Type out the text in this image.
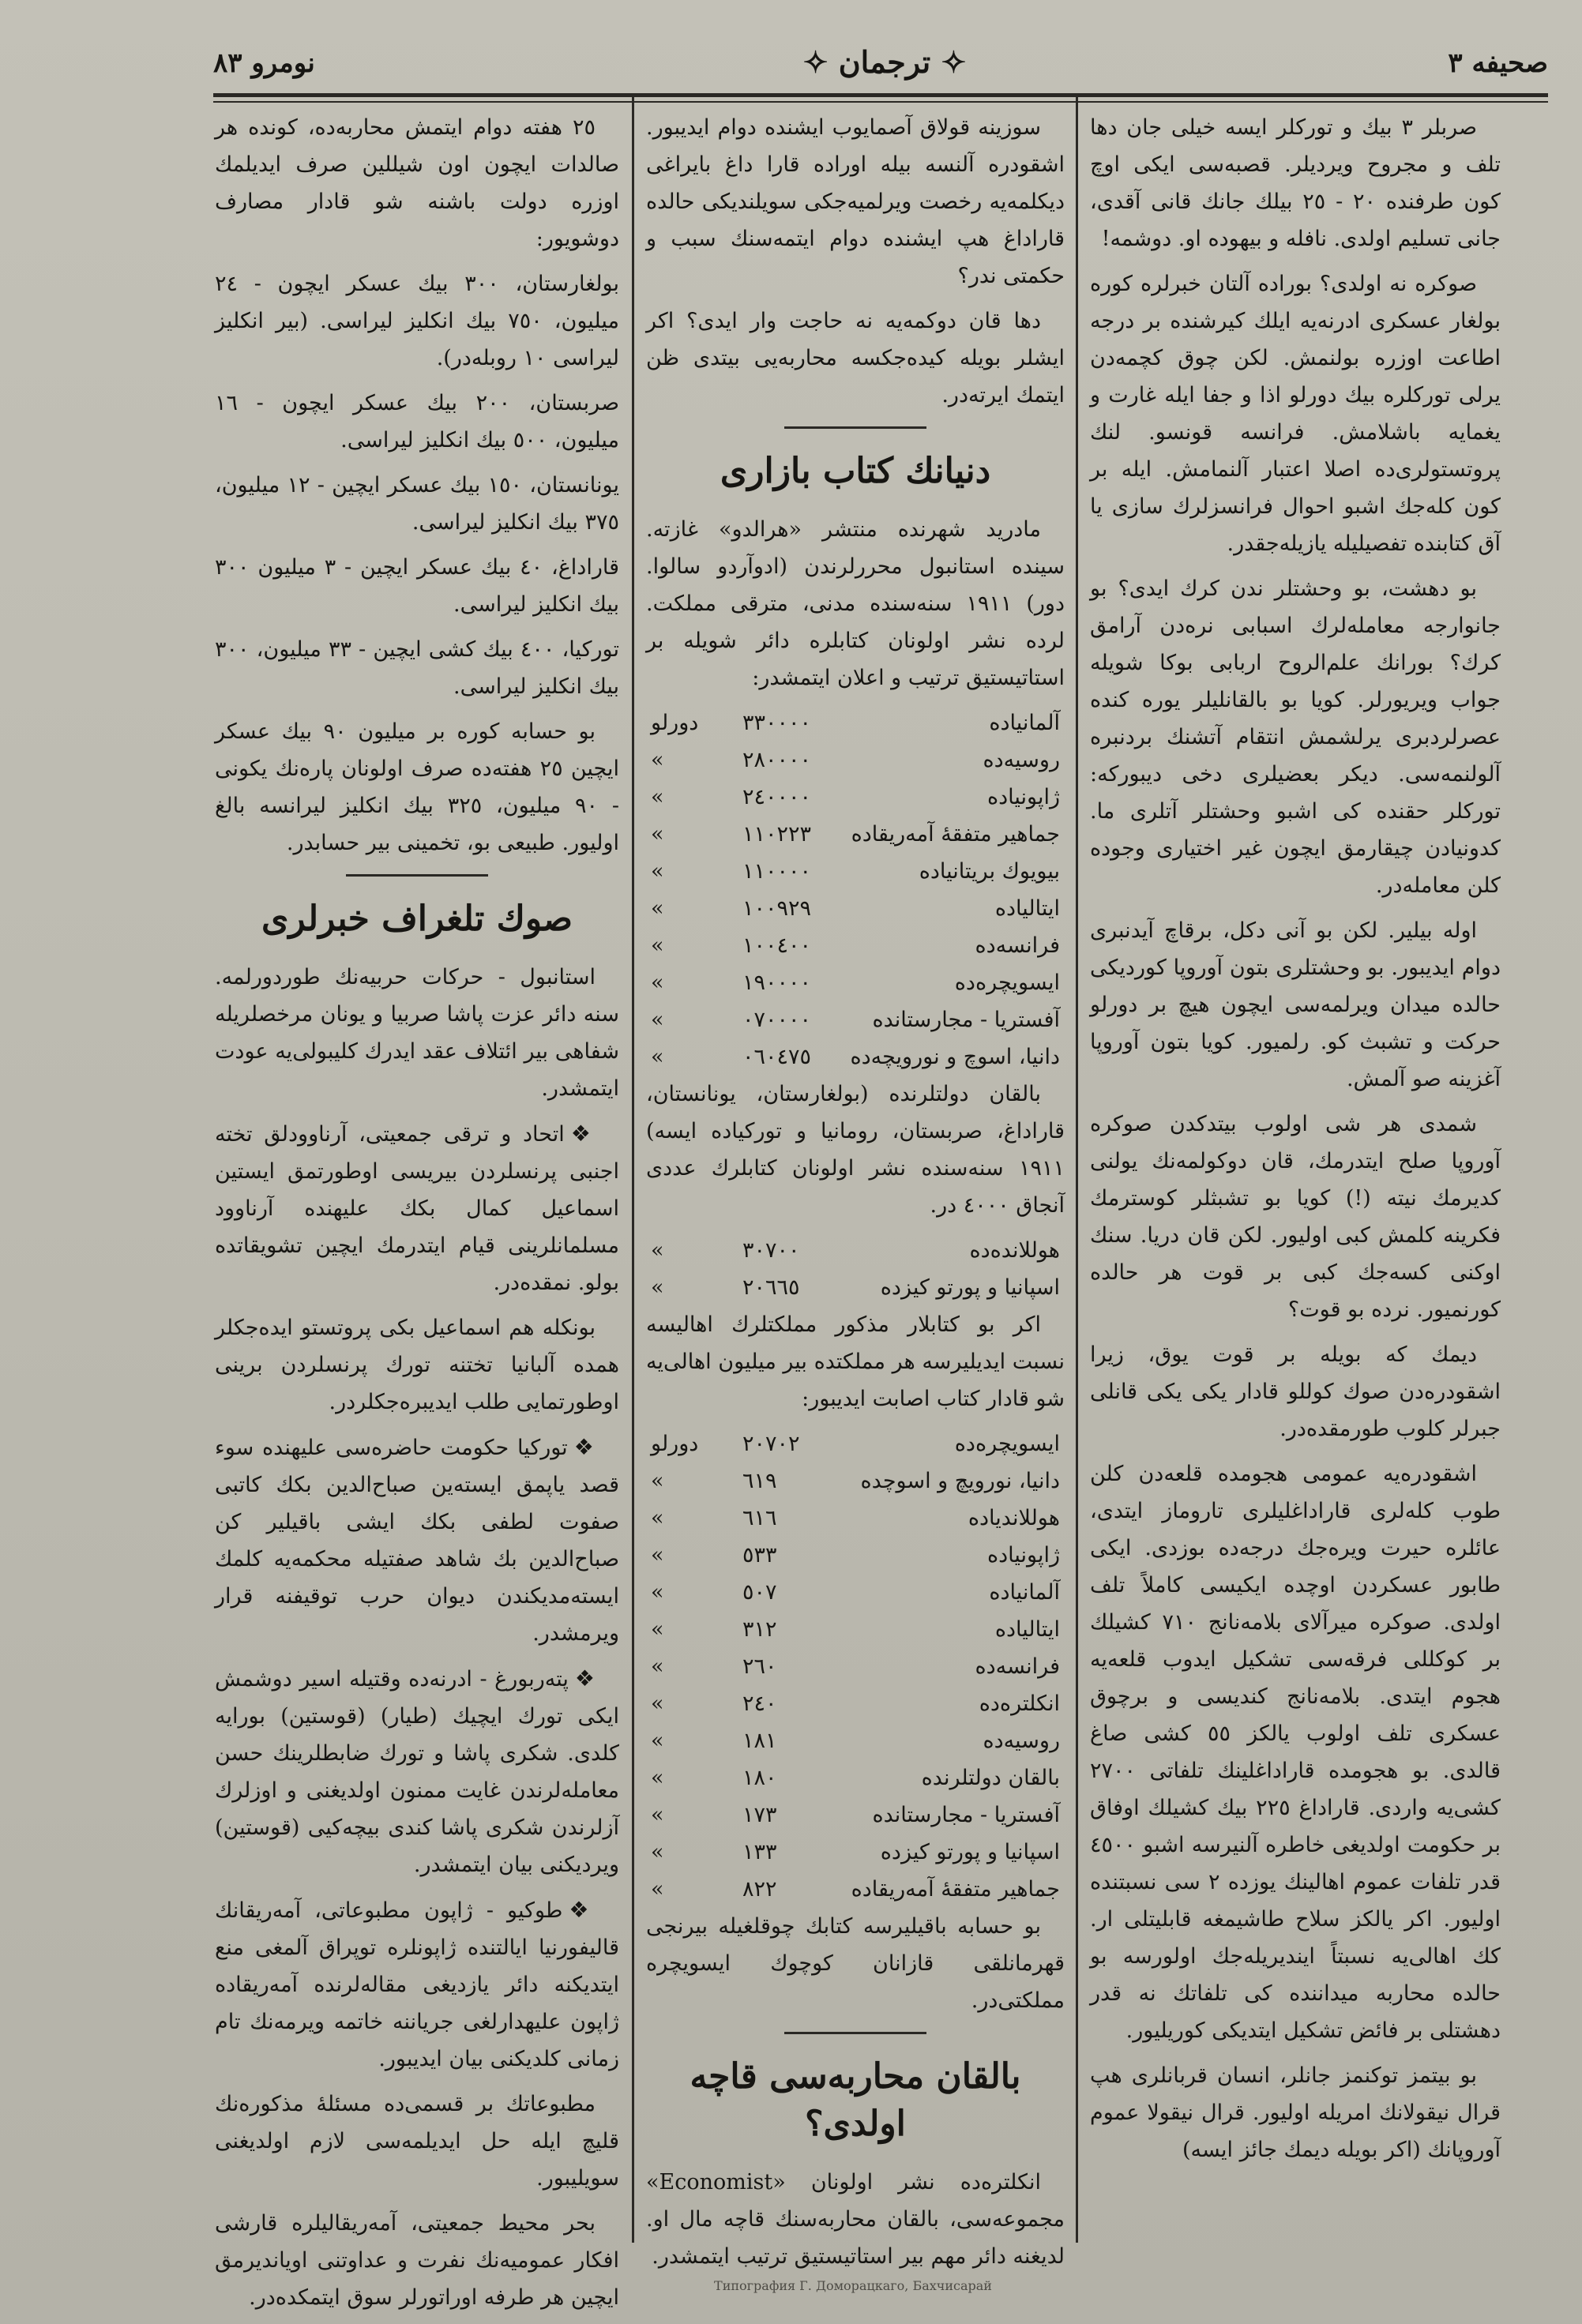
نومرو ٨٣	✧ ترجمان ✧	صحیفه ٣

صربلر ٣ بیك و تورکلر ایسه خیلی جان دها تلف و مجروح ویردیلر. قصبه‌سی ایکی اوچ کون طرفنده ٢٠ - ٢٥ بیلك جانك قانی آقدی، جانی تسلیم اولدی. نافله و بیهوده او. دوشمه!

صوکره نه اولدی؟ بوراده آلتان خبرلره کوره بولغار عسکری ادرنه‌یه ایلك کیرشنده بر درجه اطاعت اوزره بولنمش. لکن چوق کچمه‌دن یرلی تورکلره بیك دورلو اذا و جفا ایله غارت و یغمایه باشلامش. فرانسه قونسو. لنك پروتستولری‌ده اصلا اعتبار آلنمامش. ایله بر کون کله‌جك اشبو احوال فرانسزلرك سازی یا آق کتابنده تفصیلیله یازیله‌جقدر.

بو دهشت، بو وحشتلر ندن کرك ایدی؟ بو جانوارجه معامله‌لرك اسبابی نره‌دن آرامق کرك؟ بورانك علم‌الروح اربابی بوکا شویله جواب ویریورلر. کویا بو بالقانلیلر یوره کنده عصرلردبری یرلشمش انتقام آتشنك بردنبره آلولنمه‌سی. دیکر بعضیلری دخی دیبورکه: تورکلر حقنده کی اشبو وحشتلر آتلری ما. کدونیادن چیقارمق ایچون غیر اختیاری وجوده کلن معامله‌در.

اوله بیلیر. لکن بو آنی دکل، برقاچ آیدنبری دوام ایدیبور. بو وحشتلری بتون آوروپا کوردیکی حالده میدان ویرلمه‌سی ایچون هیچ بر دورلو حرکت و تشبث کو. رلمیور. کویا بتون آوروپا آغزینه صو آلمش.

شمدی هر شی اولوب بیتدکدن صوکره آوروپا صلح ایتدرمك، قان دوکولمه‌نك یولنی کدیرمك نیته (!) کویا بو تشبثلر کوسترمك فکرینه کلمش کبی اولیور. لکن قان دریا. سنك اوکنی کسه‌جك کبی بر قوت هر حالده کورنمیور. نرده بو قوت؟

دیمك که بویله بر قوت یوق، زیرا اشقودره‌دن صوك کوللو قادار یکی یکی قانلی جبرلر کلوب طورمقده‌در.

اشقودره‌یه عمومی هجومده قلعه‌دن کلن طوب کله‌لری قاراداغلیلری تاروماز ایتدی، عائلره حیرت ویره‌جك درجه‌ده بوزدی. ایکی طابور عسکردن اوچده ایکیسی کاملاً تلف اولدی. صوکره میرآلای بلامه‌نانج ٧١٠ کشیلك بر کوکللی فرقه‌سی تشکیل ایدوب قلعه‌یه هجوم ایتدی. بلامه‌نانج کندیسی و برچوق عسکری تلف اولوب یالکز ٥٥ کشی صاغ قالدی. بو هجومده قاراداغلینك تلفاتی ٢٧٠٠ کشی‌یه واردی. قاراداغ ٢٢٥ بیك کشیلك اوفاق بر حکومت اولدیغی خاطره آلنیرسه اشبو ٤٥٠٠ قدر تلفات عموم اهالینك یوزده ٢ سی نسبتنده اولیور. اکر یالکز سلاح طاشیمغه قابلیتلی ار. کك اهالی‌یه نسبتاً ایندیریله‌جك اولورسه بو حالده محاربه میداننده کی تلفاتك نه قدر دهشتلی بر فائض تشکیل ایتدیکی کوریلیور.

بو بیتمز توکنمز جانلر، انسان قربانلری هپ قرال نیقولانك امریله اولیور. قرال نیقولا عموم آوروپانك (اکر بویله دیمك جائز ایسه)

سوزینه قولاق آصمایوب ایشنده دوام ایدیبور. اشقودره آلنسه بیله اوراده قارا داغ بایراغی دیکلمه‌یه رخصت ویرلمیه‌جکی سویلندیکی حالده قاراداغ هپ ایشنده دوام ایتمه‌سنك سبب و حکمتی ندر؟

دها قان دوکمه‌یه نه حاجت وار ایدی؟ اکر ایشلر بویله کیده‌جکسه محاربه‌یی بیتدی ظن ایتمك ایرته‌در.

دنیانك کتاب بازاری

مادرید شهرنده منتشر «هرالدو» غازته. سینده استانبول محررلرندن (ادوآردو سالوا. دور) ١٩١١ سنه‌سنده مدنی، مترقی مملکت. لرده نشر اولونان کتابلره دائر شویله بر استاتیستیق ترتیب و اعلان ایتمشدر:

آلمانیاده	٣٣٠٠٠٠	دورلو
روسیه‌ده	٢٨٠٠٠٠	»
ژاپونیاده	٢٤٠٠٠٠	»
جماهیر متفقهٔ آمه‌ریقاده	١١٠٢٢٣	»
بیویوك بریتانیاده	١١٠٠٠٠	»
ایتالیاده	١٠٠٩٢٩	»
فرانسه‌ده	١٠٠٤٠٠	»
ایسویچره‌ده	١٩٠٠٠٠	»
آفستریا - مجارستانده	٠٧٠٠٠٠	»
دانیا، اسوچ و نورویچه‌ده	٠٦٠٤٧٥	»

بالقان دولتلرنده (بولغارستان، یونانستان، قاراداغ، صربستان، رومانیا و تورکیاده ایسه) ١٩١١ سنه‌سنده نشر اولونان کتابلرك عددی آنجاق ٤٠٠٠ در.

هوللانده‌ده	٣٠٧٠٠	»
اسپانیا و پورتو کیزده	٢٠٦٦٥	»

اکر بو کتابلار مذکور مملکتلرك اهالیسه نسبت ایدیلیرسه هر مملکتده بیر میلیون اهالی‌یه شو قادار کتاب اصابت ایدیبور:

ایسویچره‌ده	٢٠٧٠٢	دورلو
دانیا، نورویچ و اسوچده	٦١٩	»
هوللاندیاده	٦١٦	»
ژاپونیاده	٥٣٣	»
آلمانیاده	٥٠٧	»
ایتالیاده	٣١٢	»
فرانسه‌ده	٢٦٠	»
انکلتره‌ده	٢٤٠	»
روسیه‌ده	١٨١	»
بالقان دولتلرنده	١٨٠	»
آفستریا - مجارستانده	١٧٣	»
اسپانیا و پورتو کیزده	١٣٣	»
جماهیر متفقهٔ آمه‌ریقاده	٨٢٢	»

بو حسابه باقیلیرسه کتابك چوقلغیله بیرنجی قهرمانلقی قازانان کوچوك ایسویچره مملکتی‌در.

بالقان محاربه‌سی قاچه اولدی؟

انکلتره‌ده نشر اولونان «Economist» مجموعه‌سی، بالقان محاربه‌سنك قاچه مال او. لدیغنه دائر مهم بیر استاتیستیق ترتیب ایتمشدر.

٢٥ هفته دوام ایتمش محاربه‌ده، کونده هر صالدات ایچون اون شیللین صرف ایدیلمك اوزره دولت باشنه شو قادار مصارف دوشویور:

بولغارستان، ٣٠٠ بیك عسکر ایچون - ٢٤ میلیون، ٧٥٠ بیك انکلیز لیراسی. (بیر انکلیز لیراسی ١٠ روبله‌در).

صربستان، ٢٠٠ بیك عسکر ایچون - ١٦ میلیون، ٥٠٠ بیك انکلیز لیراسی.

یونانستان، ١٥٠ بیك عسکر ایچین - ١٢ میلیون، ٣٧٥ بیك انکلیز لیراسی.

قاراداغ، ٤٠ بیك عسکر ایچین - ٣ میلیون ٣٠٠ بیك انکلیز لیراسی.

تورکیا، ٤٠٠ بیك کشی ایچین - ٣٣ میلیون، ٣٠٠ بیك انکلیز لیراسی.

بو حسابه کوره بر میلیون ٩٠ بیك عسکر ایچین ٢٥ هفته‌ده صرف اولونان پاره‌نك یکونی - ٩٠ میلیون، ٣٢٥ بیك انکلیز لیرانسه بالغ اولیور. طبیعی بو، تخمینی بیر حسابدر.

صوك تلغراف خبرلری

استانبول - حرکات حربیه‌نك طوردورلمه. سنه دائر عزت پاشا صربیا و یونان مرخصلریله شفاهی بیر ائتلاف عقد ایدرك کلیبولی‌یه عودت ایتمشدر.

❖اتحاد و ترقی جمعیتی، آرناوودلق تخته اجنبی پرنسلردن بیریسی اوطورتمق ایستین اسماعیل کمال بکك علیهنده آرناوود مسلمانلرینی قیام ایتدرمك ایچین تشویقاتده بولو. نمقده‌در.

بونکله هم اسماعیل بکی پروتستو ایده‌جکلر همده آلبانیا تختنه تورك پرنسلردن برینی اوطورتمایی طلب ایدیبره‌جکلردر.

❖تورکیا حکومت حاضره‌سی علیهنده سوء قصد یاپمق ایسته‌ین صباح‌الدین بکك کاتبی صفوت لطفی بکك ایشی باقیلیر کن صباح‌الدین بك شاهد صفتیله محکمه‌یه کلمك ایسته‌مدیکندن دیوان حرب توقیفنه قرار ویرمشدر.

❖پته‌ربورغ - ادرنه‌ده وقتیله اسیر دوشمش ایکی تورك ایچیك (طیار) (قوستین) بورایه کلدی. شکری پاشا و تورك ضابطلرینك حسن معامله‌لرندن غایت ممنون اولدیغنی و اوزلرك آزلرندن شکری پاشا کندی بیچه‌کیی (قوستین) ویردیکنی بیان ایتمشدر.

❖طوکیو - ژاپون مطبوعاتی، آمه‌ریقانك قالیفورنیا ایالتنده ژاپونلره توپراق آلمغی منع ایتدیکنه دائر یازدیغی مقاله‌لرنده آمه‌ریقاده ژاپون علیهدارلغی جریاننه خاتمه ویرمه‌نك تام زمانی کلدیکنی بیان ایدیبور.

مطبوعاتك بر قسمی‌ده مسئلهٔ مذکوره‌نك قلیچ ایله حل ایدیلمه‌سی لازم اولدیغنی سویلیبور.

بحر محیط جمعیتی، آمه‌ریقالیلره قارشی افکار عمومیه‌نك نفرت و عداوتنی اویاندیرمق ایچین هر طرفه اوراتورلر سوق ایتمکده‌در.	Типография Г. Доморацкаго, Бахчисарай
